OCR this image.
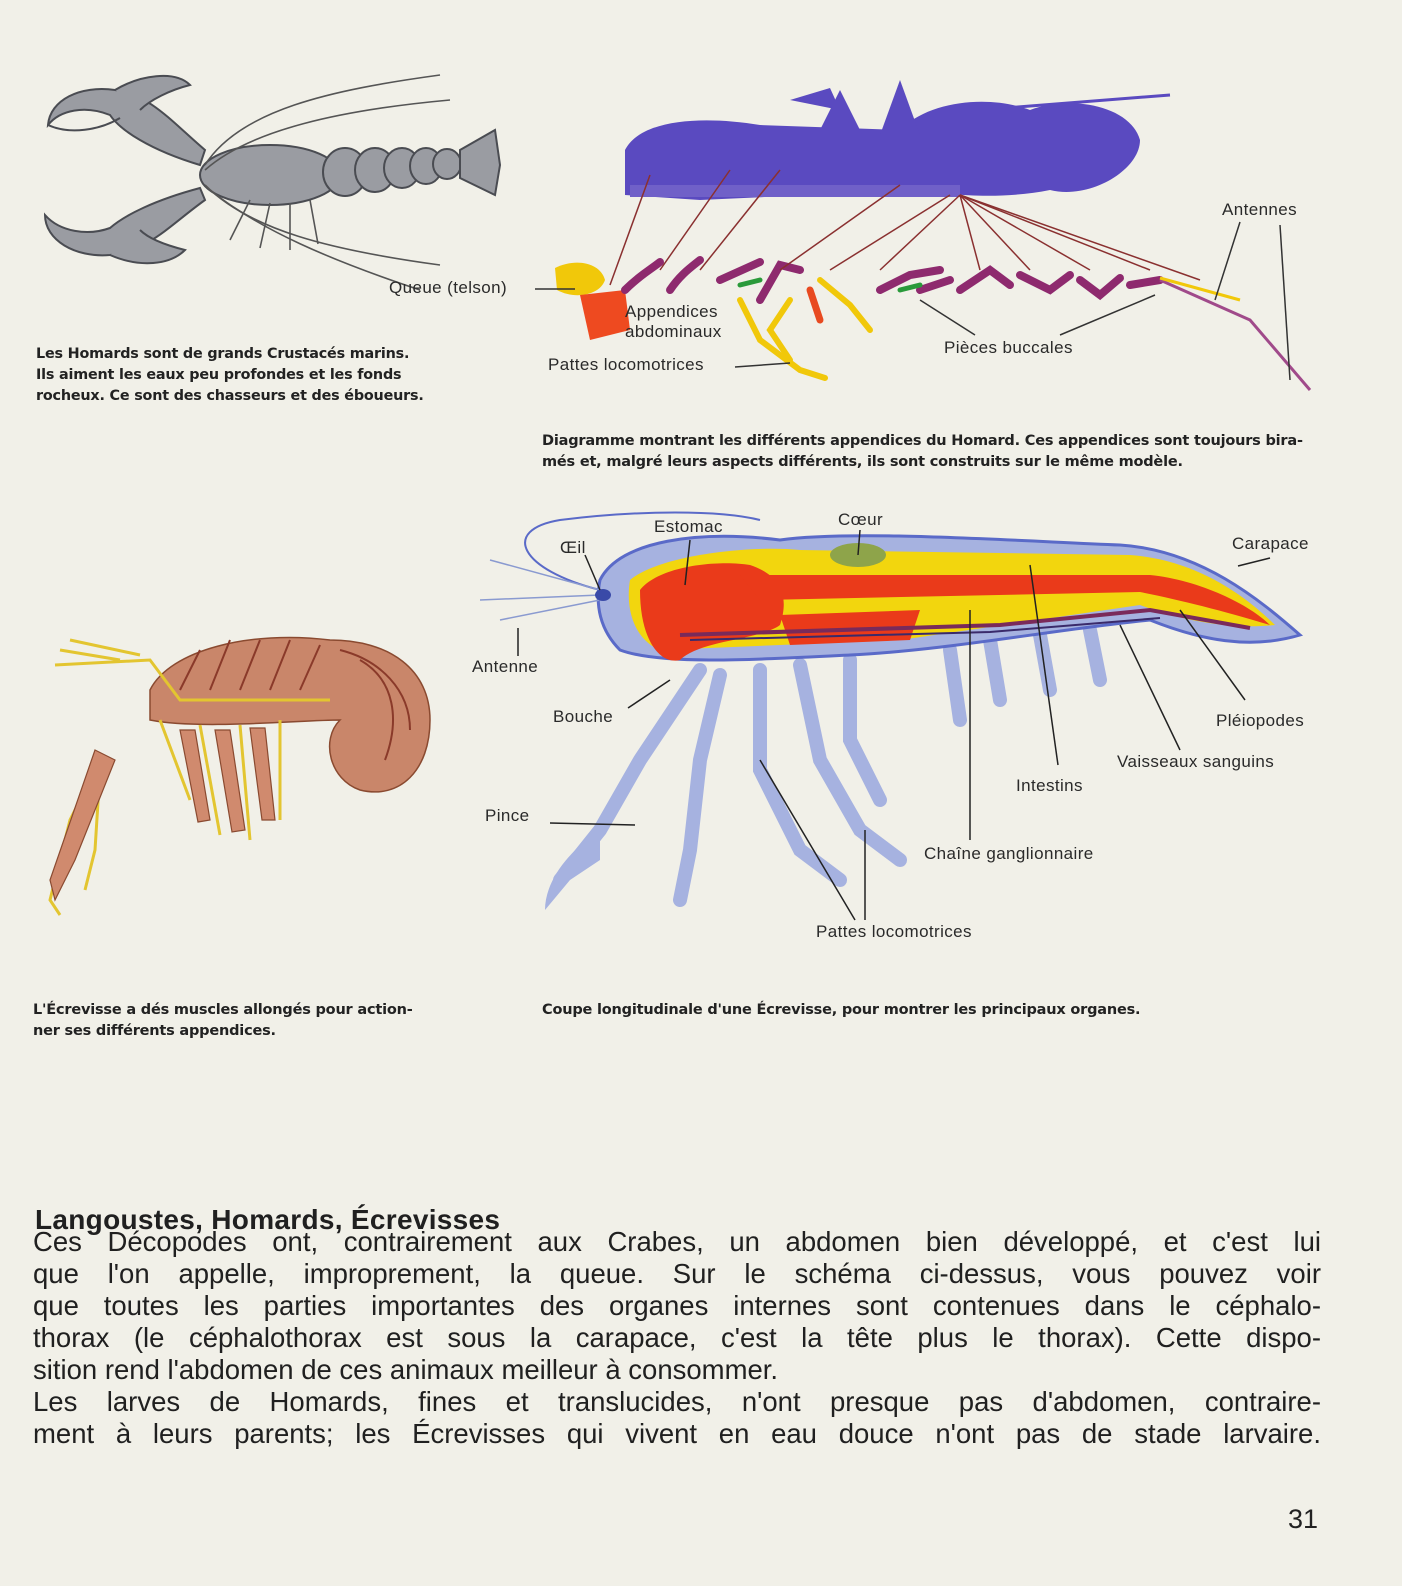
Les Homards sont de grands Crustacés marins.
Ils aiment les eaux peu profondes et les fonds
rocheux. Ce sont des chasseurs et des éboueurs.
Queue (telson)
Appendices
abdominaux
Pattes locomotrices
Pièces buccales
Antennes
Diagramme montrant les différents appendices du Homard. Ces appendices sont toujours bira-
més et, malgré leurs aspects différents, ils sont construits sur le même modèle.
L'Écrevisse a dés muscles allongés pour action-
ner ses différents appendices.
Estomac	Cœur
Œil	Carapace
Antenne
Bouche	Pléiopodes
Vaisseaux sanguins
Intestins
Pince
Chaîne ganglionnaire
Pattes locomotrices
Coupe longitudinale d'une Écrevisse, pour montrer les principaux organes.
Langoustes, Homards, Écrevisses
Ces Décopodes ont, contrairement aux Crabes, un abdomen bien développé, et c'est lui
que l'on appelle, improprement, la queue. Sur le schéma ci-dessus, vous pouvez voir
que toutes les parties importantes des organes internes sont contenues dans le céphalo-
thorax (le céphalothorax est sous la carapace, c'est la tête plus le thorax). Cette dispo-
sition rend l'abdomen de ces animaux meilleur à consommer.
Les larves de Homards, fines et translucides, n'ont presque pas d'abdomen, contraire-
ment à leurs parents; les Écrevisses qui vivent en eau douce n'ont pas de stade larvaire.
31
